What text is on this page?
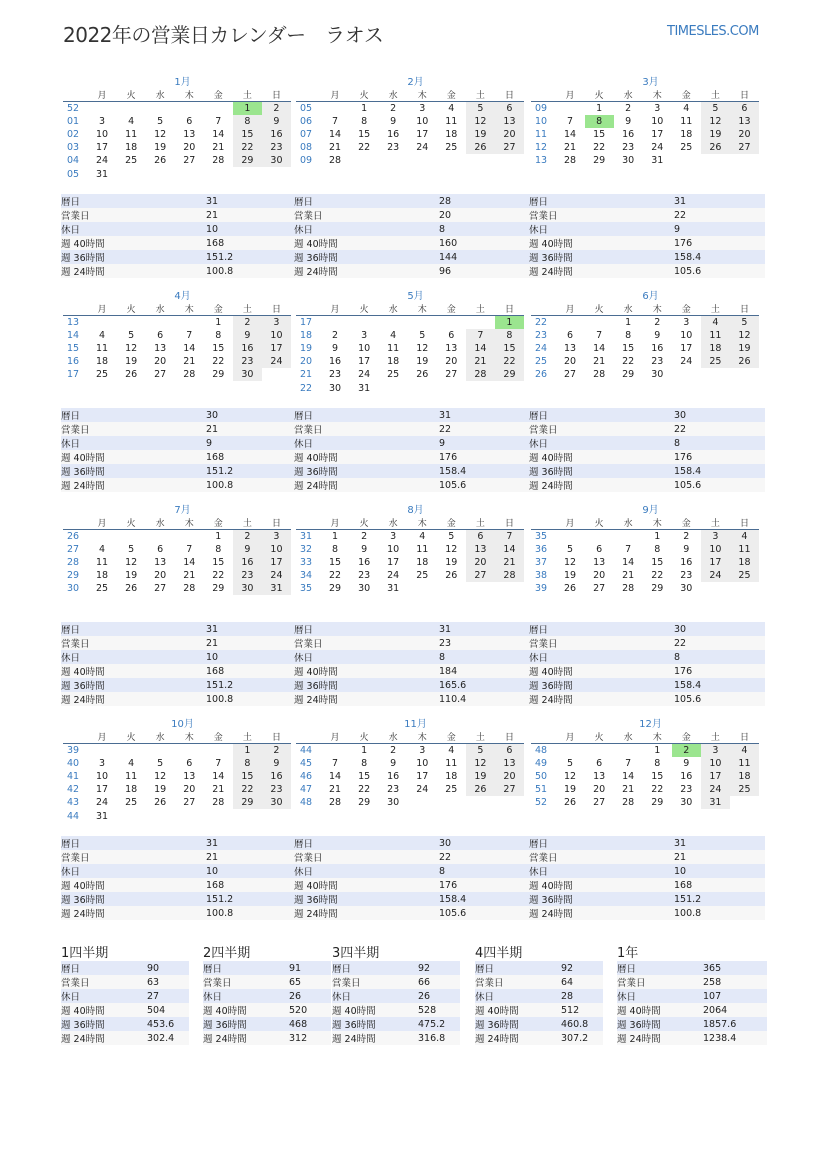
2022年の営業日カレンダー　ラオス	TIMESLES.COM
1月
	月	火	水	木	金	土	日
52						1	2
01	3	4	5	6	7	8	9
02	10	11	12	13	14	15	16
03	17	18	19	20	21	22	23
04	24	25	26	27	28	29	30
05	31						
暦日	31
営業日	21
休日	10
週 40時間	168
週 36時間	151.2
週 24時間	100.8
2月
	月	火	水	木	金	土	日
05		1	2	3	4	5	6
06	7	8	9	10	11	12	13
07	14	15	16	17	18	19	20
08	21	22	23	24	25	26	27
09	28						
暦日	28
営業日	20
休日	8
週 40時間	160
週 36時間	144
週 24時間	96
3月
	月	火	水	木	金	土	日
09		1	2	3	4	5	6
10	7	8	9	10	11	12	13
11	14	15	16	17	18	19	20
12	21	22	23	24	25	26	27
13	28	29	30	31			
暦日	31
営業日	22
休日	9
週 40時間	176
週 36時間	158.4
週 24時間	105.6
4月
	月	火	水	木	金	土	日
13					1	2	3
14	4	5	6	7	8	9	10
15	11	12	13	14	15	16	17
16	18	19	20	21	22	23	24
17	25	26	27	28	29	30	
暦日	30
営業日	21
休日	9
週 40時間	168
週 36時間	151.2
週 24時間	100.8
5月
	月	火	水	木	金	土	日
17							1
18	2	3	4	5	6	7	8
19	9	10	11	12	13	14	15
20	16	17	18	19	20	21	22
21	23	24	25	26	27	28	29
22	30	31					
暦日	31
営業日	22
休日	9
週 40時間	176
週 36時間	158.4
週 24時間	105.6
6月
	月	火	水	木	金	土	日
22			1	2	3	4	5
23	6	7	8	9	10	11	12
24	13	14	15	16	17	18	19
25	20	21	22	23	24	25	26
26	27	28	29	30			
暦日	30
営業日	22
休日	8
週 40時間	176
週 36時間	158.4
週 24時間	105.6
7月
	月	火	水	木	金	土	日
26					1	2	3
27	4	5	6	7	8	9	10
28	11	12	13	14	15	16	17
29	18	19	20	21	22	23	24
30	25	26	27	28	29	30	31
暦日	31
営業日	21
休日	10
週 40時間	168
週 36時間	151.2
週 24時間	100.8
8月
	月	火	水	木	金	土	日
31	1	2	3	4	5	6	7
32	8	9	10	11	12	13	14
33	15	16	17	18	19	20	21
34	22	23	24	25	26	27	28
35	29	30	31				
暦日	31
営業日	23
休日	8
週 40時間	184
週 36時間	165.6
週 24時間	110.4
9月
	月	火	水	木	金	土	日
35				1	2	3	4
36	5	6	7	8	9	10	11
37	12	13	14	15	16	17	18
38	19	20	21	22	23	24	25
39	26	27	28	29	30		
暦日	30
営業日	22
休日	8
週 40時間	176
週 36時間	158.4
週 24時間	105.6
10月
	月	火	水	木	金	土	日
39						1	2
40	3	4	5	6	7	8	9
41	10	11	12	13	14	15	16
42	17	18	19	20	21	22	23
43	24	25	26	27	28	29	30
44	31						
暦日	31
営業日	21
休日	10
週 40時間	168
週 36時間	151.2
週 24時間	100.8
11月
	月	火	水	木	金	土	日
44		1	2	3	4	5	6
45	7	8	9	10	11	12	13
46	14	15	16	17	18	19	20
47	21	22	23	24	25	26	27
48	28	29	30				
暦日	30
営業日	22
休日	8
週 40時間	176
週 36時間	158.4
週 24時間	105.6
12月
	月	火	水	木	金	土	日
48				1	2	3	4
49	5	6	7	8	9	10	11
50	12	13	14	15	16	17	18
51	19	20	21	22	23	24	25
52	26	27	28	29	30	31	
暦日	31
営業日	21
休日	10
週 40時間	168
週 36時間	151.2
週 24時間	100.8
1四半期
暦日	90
営業日	63
休日	27
週 40時間	504
週 36時間	453.6
週 24時間	302.4
2四半期
暦日	91
営業日	65
休日	26
週 40時間	520
週 36時間	468
週 24時間	312
3四半期
暦日	92
営業日	66
休日	26
週 40時間	528
週 36時間	475.2
週 24時間	316.8
4四半期
暦日	92
営業日	64
休日	28
週 40時間	512
週 36時間	460.8
週 24時間	307.2
1年
暦日	365
営業日	258
休日	107
週 40時間	2064
週 36時間	1857.6
週 24時間	1238.4
